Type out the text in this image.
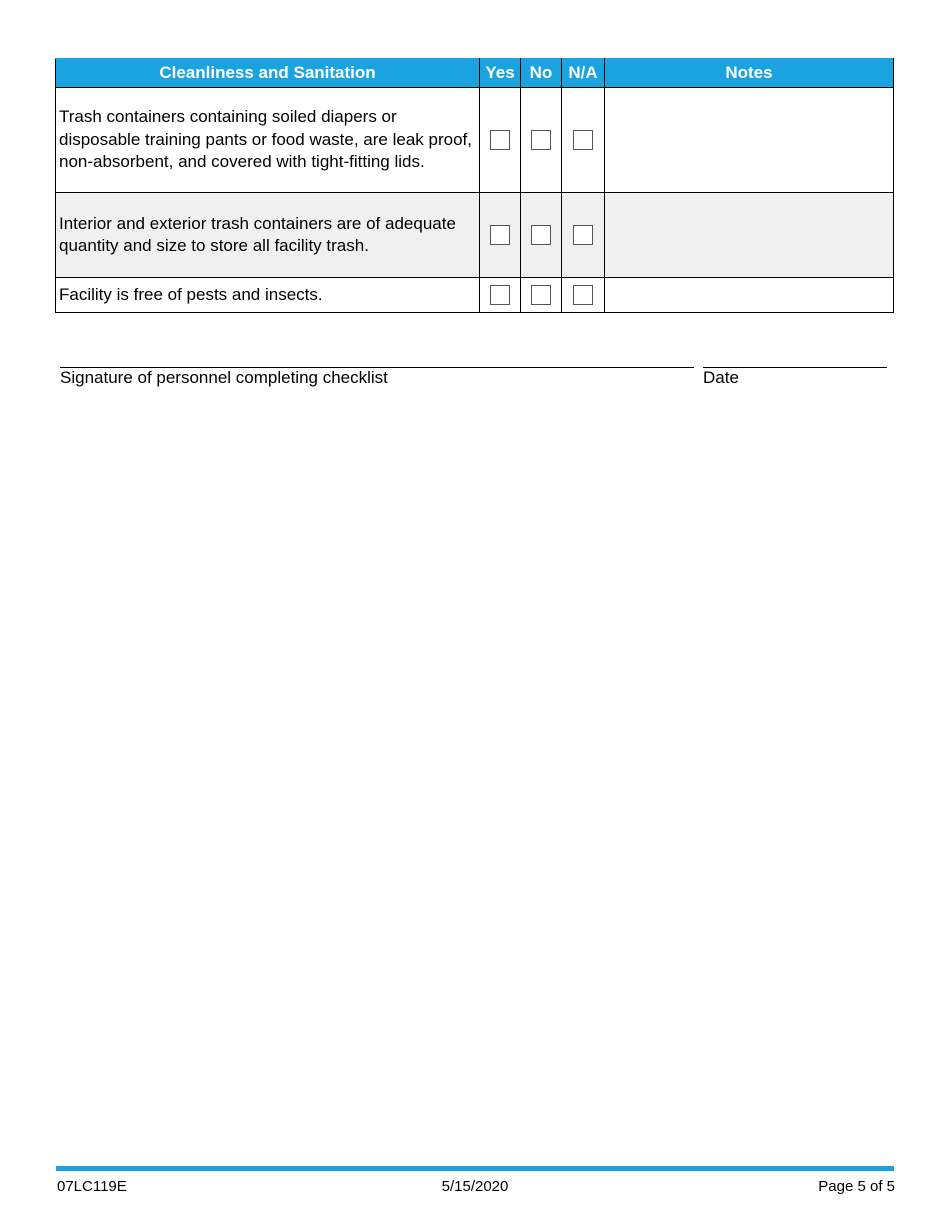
Cleanliness and Sanitation	Yes	No	N/A	Notes
Trash containers containing soiled diapers or disposable training pants or food waste, are leak proof, non-absorbent, and covered with tight-fitting lids.				
Interior and exterior trash containers are of adequate quantity and size to store all facility trash.				
Facility is free of pests and insects.				
Signature of personnel completing checklist	Date
07LC119E	5/15/2020	Page 5 of 5
